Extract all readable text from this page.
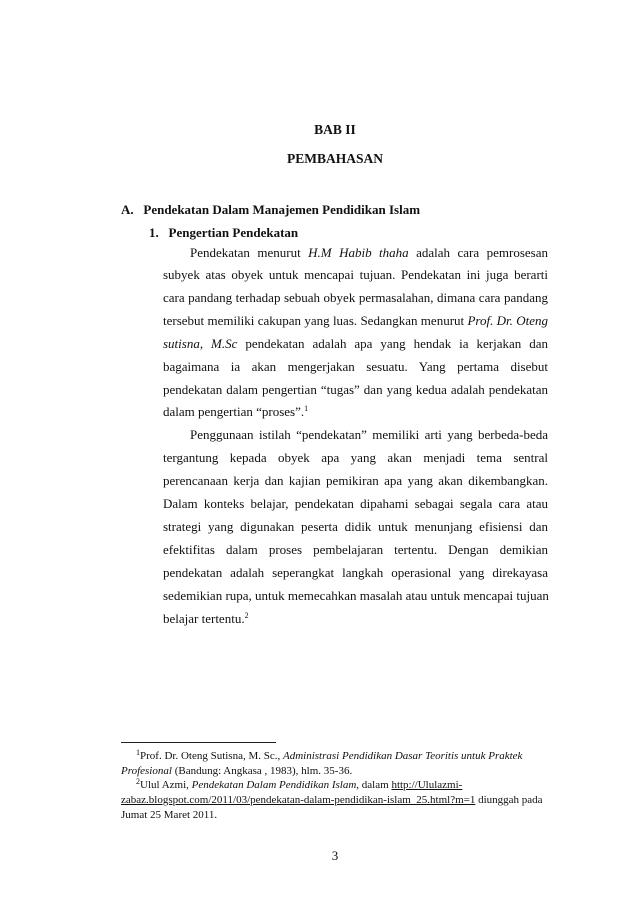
BAB II
PEMBAHASAN
A.   Pendekatan Dalam Manajemen Pendidikan Islam
1.   Pengertian Pendekatan
Pendekatan menurut H.M Habib thaha adalah cara pemrosesan
subyek atas obyek untuk mencapai tujuan. Pendekatan ini juga berarti
cara pandang terhadap sebuah obyek permasalahan, dimana cara pandang
tersebut memiliki cakupan yang luas. Sedangkan menurut Prof. Dr. Oteng
sutisna, M.Sc pendekatan adalah apa yang hendak ia kerjakan dan
bagaimana ia akan mengerjakan sesuatu. Yang pertama disebut
pendekatan dalam pengertian “tugas” dan yang kedua adalah pendekatan
dalam pengertian “proses”.$^1$
Penggunaan istilah “pendekatan” memiliki arti yang berbeda-beda
tergantung kepada obyek apa yang akan menjadi tema sentral
perencanaan kerja dan kajian pemikiran apa yang akan dikembangkan.
Dalam konteks belajar, pendekatan dipahami sebagai segala cara atau
strategi yang digunakan peserta didik untuk menunjang efisiensi dan
efektifitas dalam proses pembelajaran tertentu. Dengan demikian
pendekatan adalah seperangkat langkah operasional yang direkayasa
sedemikian rupa, untuk memecahkan masalah atau untuk mencapai tujuan
belajar tertentu.$^2$
$^1$Prof. Dr. Oteng Sutisna, M. Sc., Administrasi Pendidikan Dasar Teoritis untuk Praktek
Profesional (Bandung: Angkasa , 1983), hlm. 35-36.
$^2$Ulul Azmi, Pendekatan Dalam Pendidikan Islam, dalam http://Ululazmi-
zabaz.blogspot.com/2011/03/pendekatan-dalam-pendidikan-islam_25.html?m=1 diunggah pada
Jumat 25 Maret 2011.
3
